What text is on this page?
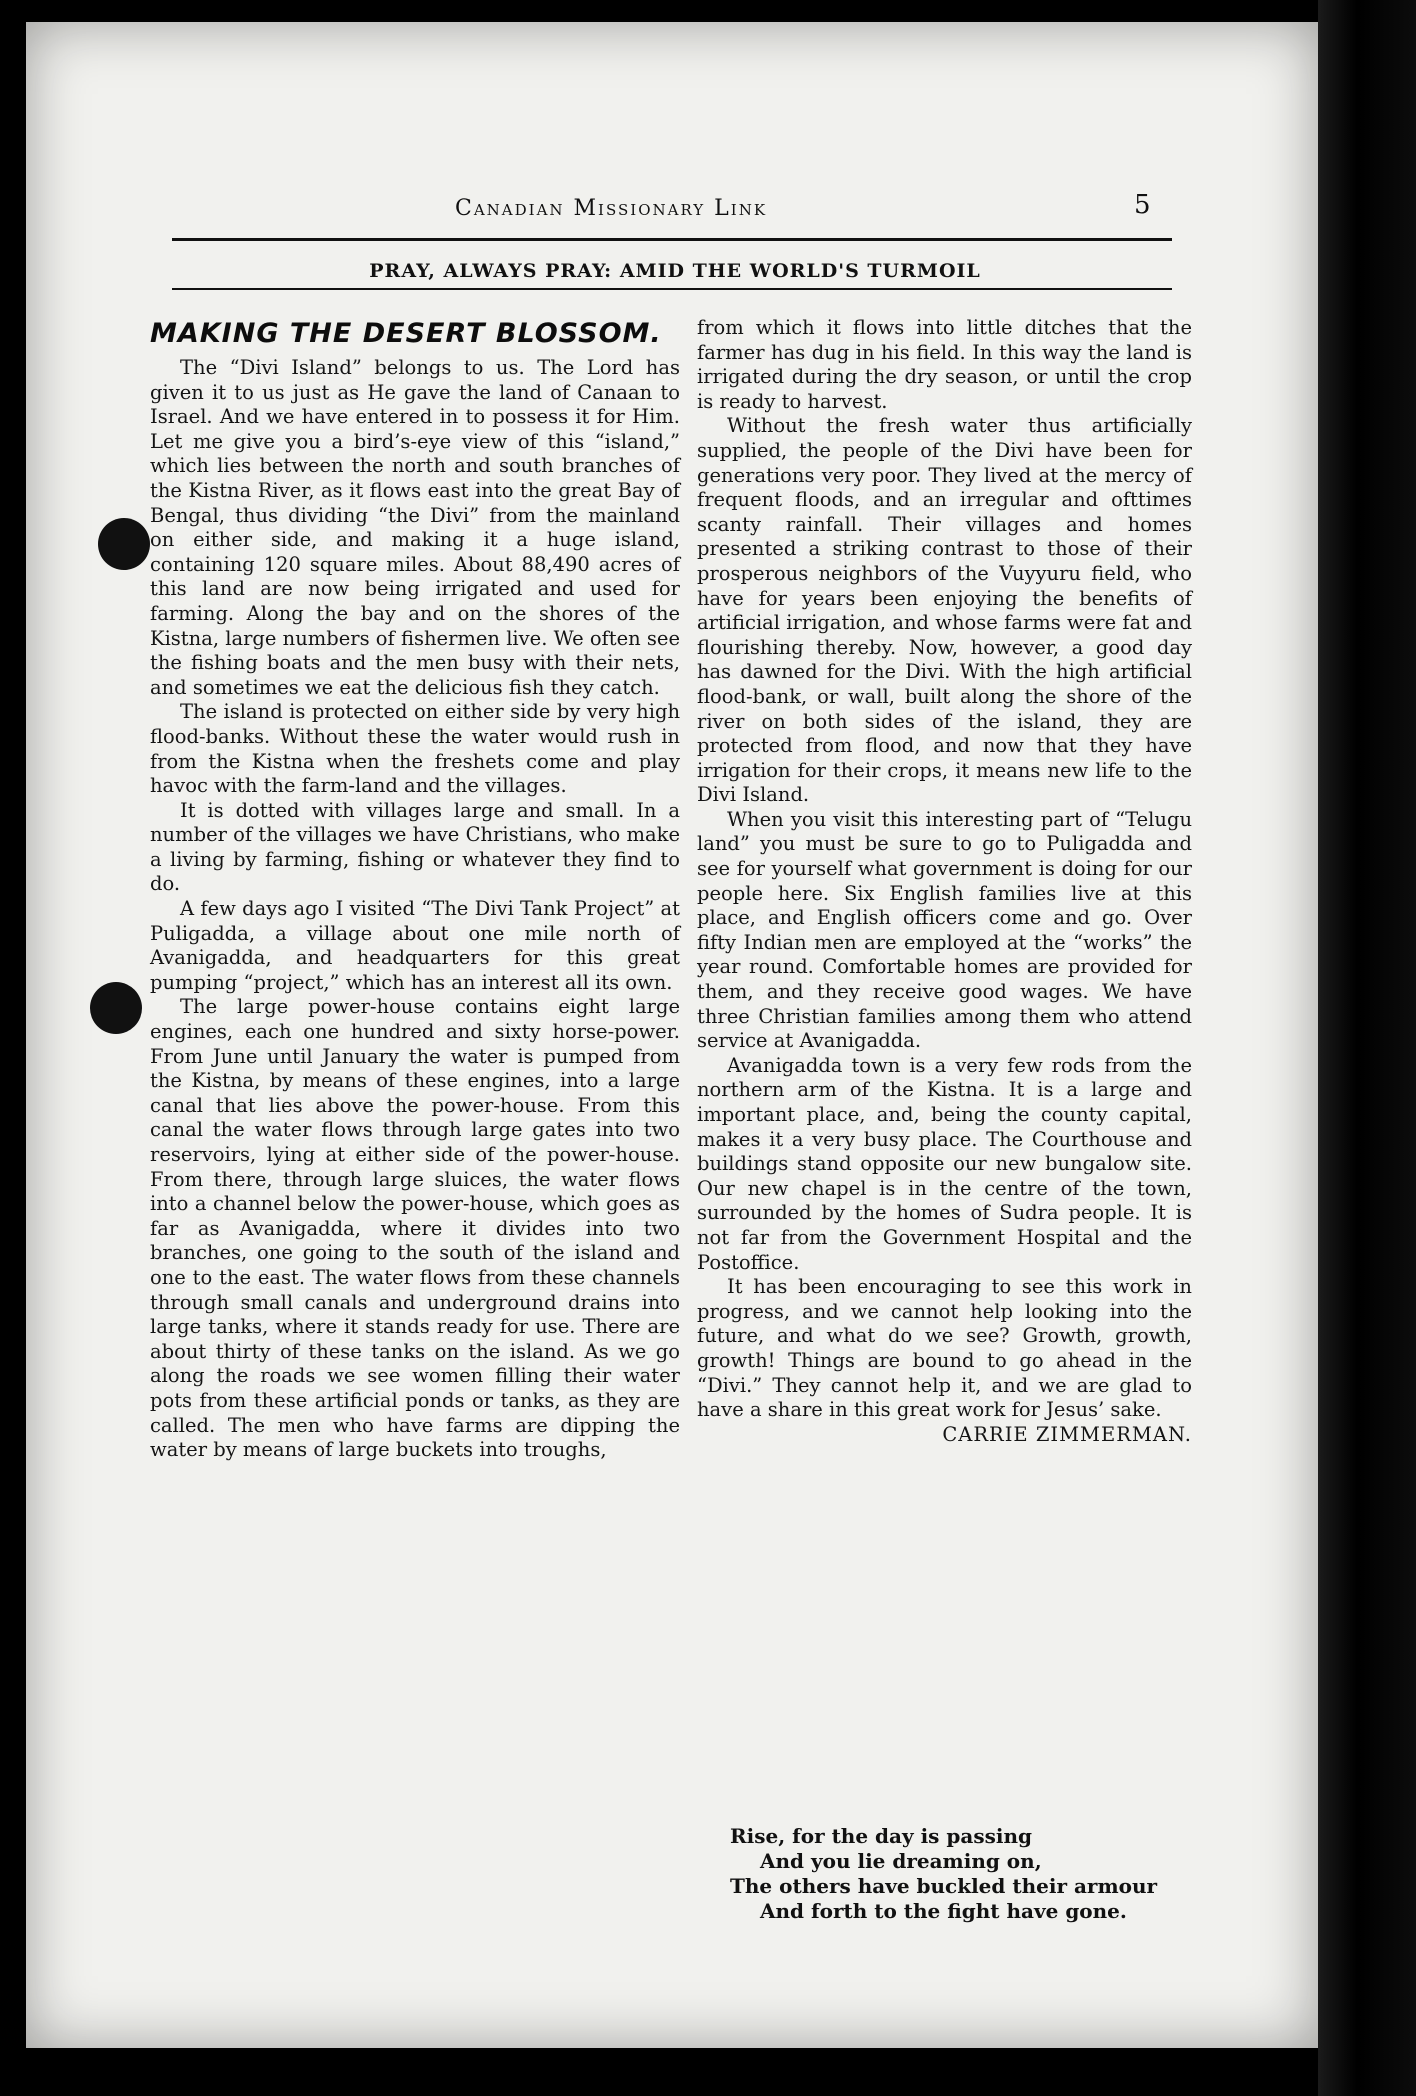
Canadian Missionary Link	5
PRAY, ALWAYS PRAY: AMID THE WORLD'S TURMOIL
MAKING THE DESERT BLOSSOM.

The “Divi Island” belongs to us. The Lord has given it to us just as He gave the land of Canaan to Israel. And we have entered in to possess it for Him. Let me give you a bird’s-eye view of this “island,” which lies between the north and south branches of the Kistna River, as it flows east into the great Bay of Bengal, thus dividing “the Divi” from the mainland on either side, and making it a huge island, containing 120 square miles. About 88,490 acres of this land are now being irrigated and used for farming. Along the bay and on the shores of the Kistna, large numbers of fishermen live. We often see the fishing boats and the men busy with their nets, and sometimes we eat the delicious fish they catch.

The island is protected on either side by very high flood-banks. Without these the water would rush in from the Kistna when the freshets come and play havoc with the farm-land and the villages.

It is dotted with villages large and small. In a number of the villages we have Christians, who make a living by farming, fishing or whatever they find to do.

A few days ago I visited “The Divi Tank Project” at Puligadda, a village about one mile north of Avanigadda, and headquarters for this great pumping “project,” which has an interest all its own.

The large power-house contains eight large engines, each one hundred and sixty horse-power. From June until January the water is pumped from the Kistna, by means of these engines, into a large canal that lies above the power-house. From this canal the water flows through large gates into two reservoirs, lying at either side of the power-house. From there, through large sluices, the water flows into a channel below the power-house, which goes as far as Avanigadda, where it divides into two branches, one going to the south of the island and one to the east. The water flows from these channels through small canals and underground drains into large tanks, where it stands ready for use. There are about thirty of these tanks on the island. As we go along the roads we see women filling their water pots from these artificial ponds or tanks, as they are called. The men who have farms are dipping the water by means of large buckets into troughs,

from which it flows into little ditches that the farmer has dug in his field. In this way the land is irrigated during the dry season, or until the crop is ready to harvest.

Without the fresh water thus artificially supplied, the people of the Divi have been for generations very poor. They lived at the mercy of frequent floods, and an irregular and ofttimes scanty rainfall. Their villages and homes presented a striking contrast to those of their prosperous neighbors of the Vuyyuru field, who have for years been enjoying the benefits of artificial irrigation, and whose farms were fat and flourishing thereby. Now, however, a good day has dawned for the Divi. With the high artificial flood-bank, or wall, built along the shore of the river on both sides of the island, they are protected from flood, and now that they have irrigation for their crops, it means new life to the Divi Island.

When you visit this interesting part of “Telugu land” you must be sure to go to Puligadda and see for yourself what government is doing for our people here. Six English families live at this place, and English officers come and go. Over fifty Indian men are employed at the “works” the year round. Comfortable homes are provided for them, and they receive good wages. We have three Christian families among them who attend service at Avanigadda.

Avanigadda town is a very few rods from the northern arm of the Kistna. It is a large and important place, and, being the county capital, makes it a very busy place. The Courthouse and buildings stand opposite our new bungalow site. Our new chapel is in the centre of the town, surrounded by the homes of Sudra people. It is not far from the Government Hospital and the Postoffice.

It has been encouraging to see this work in progress, and we cannot help looking into the future, and what do we see? Growth, growth, growth! Things are bound to go ahead in the “Divi.” They cannot help it, and we are glad to have a share in this great work for Jesus’ sake.

CARRIE ZIMMERMAN.

Rise, for the day is passing
And you lie dreaming on,
The others have buckled their armour
And forth to the fight have gone.
